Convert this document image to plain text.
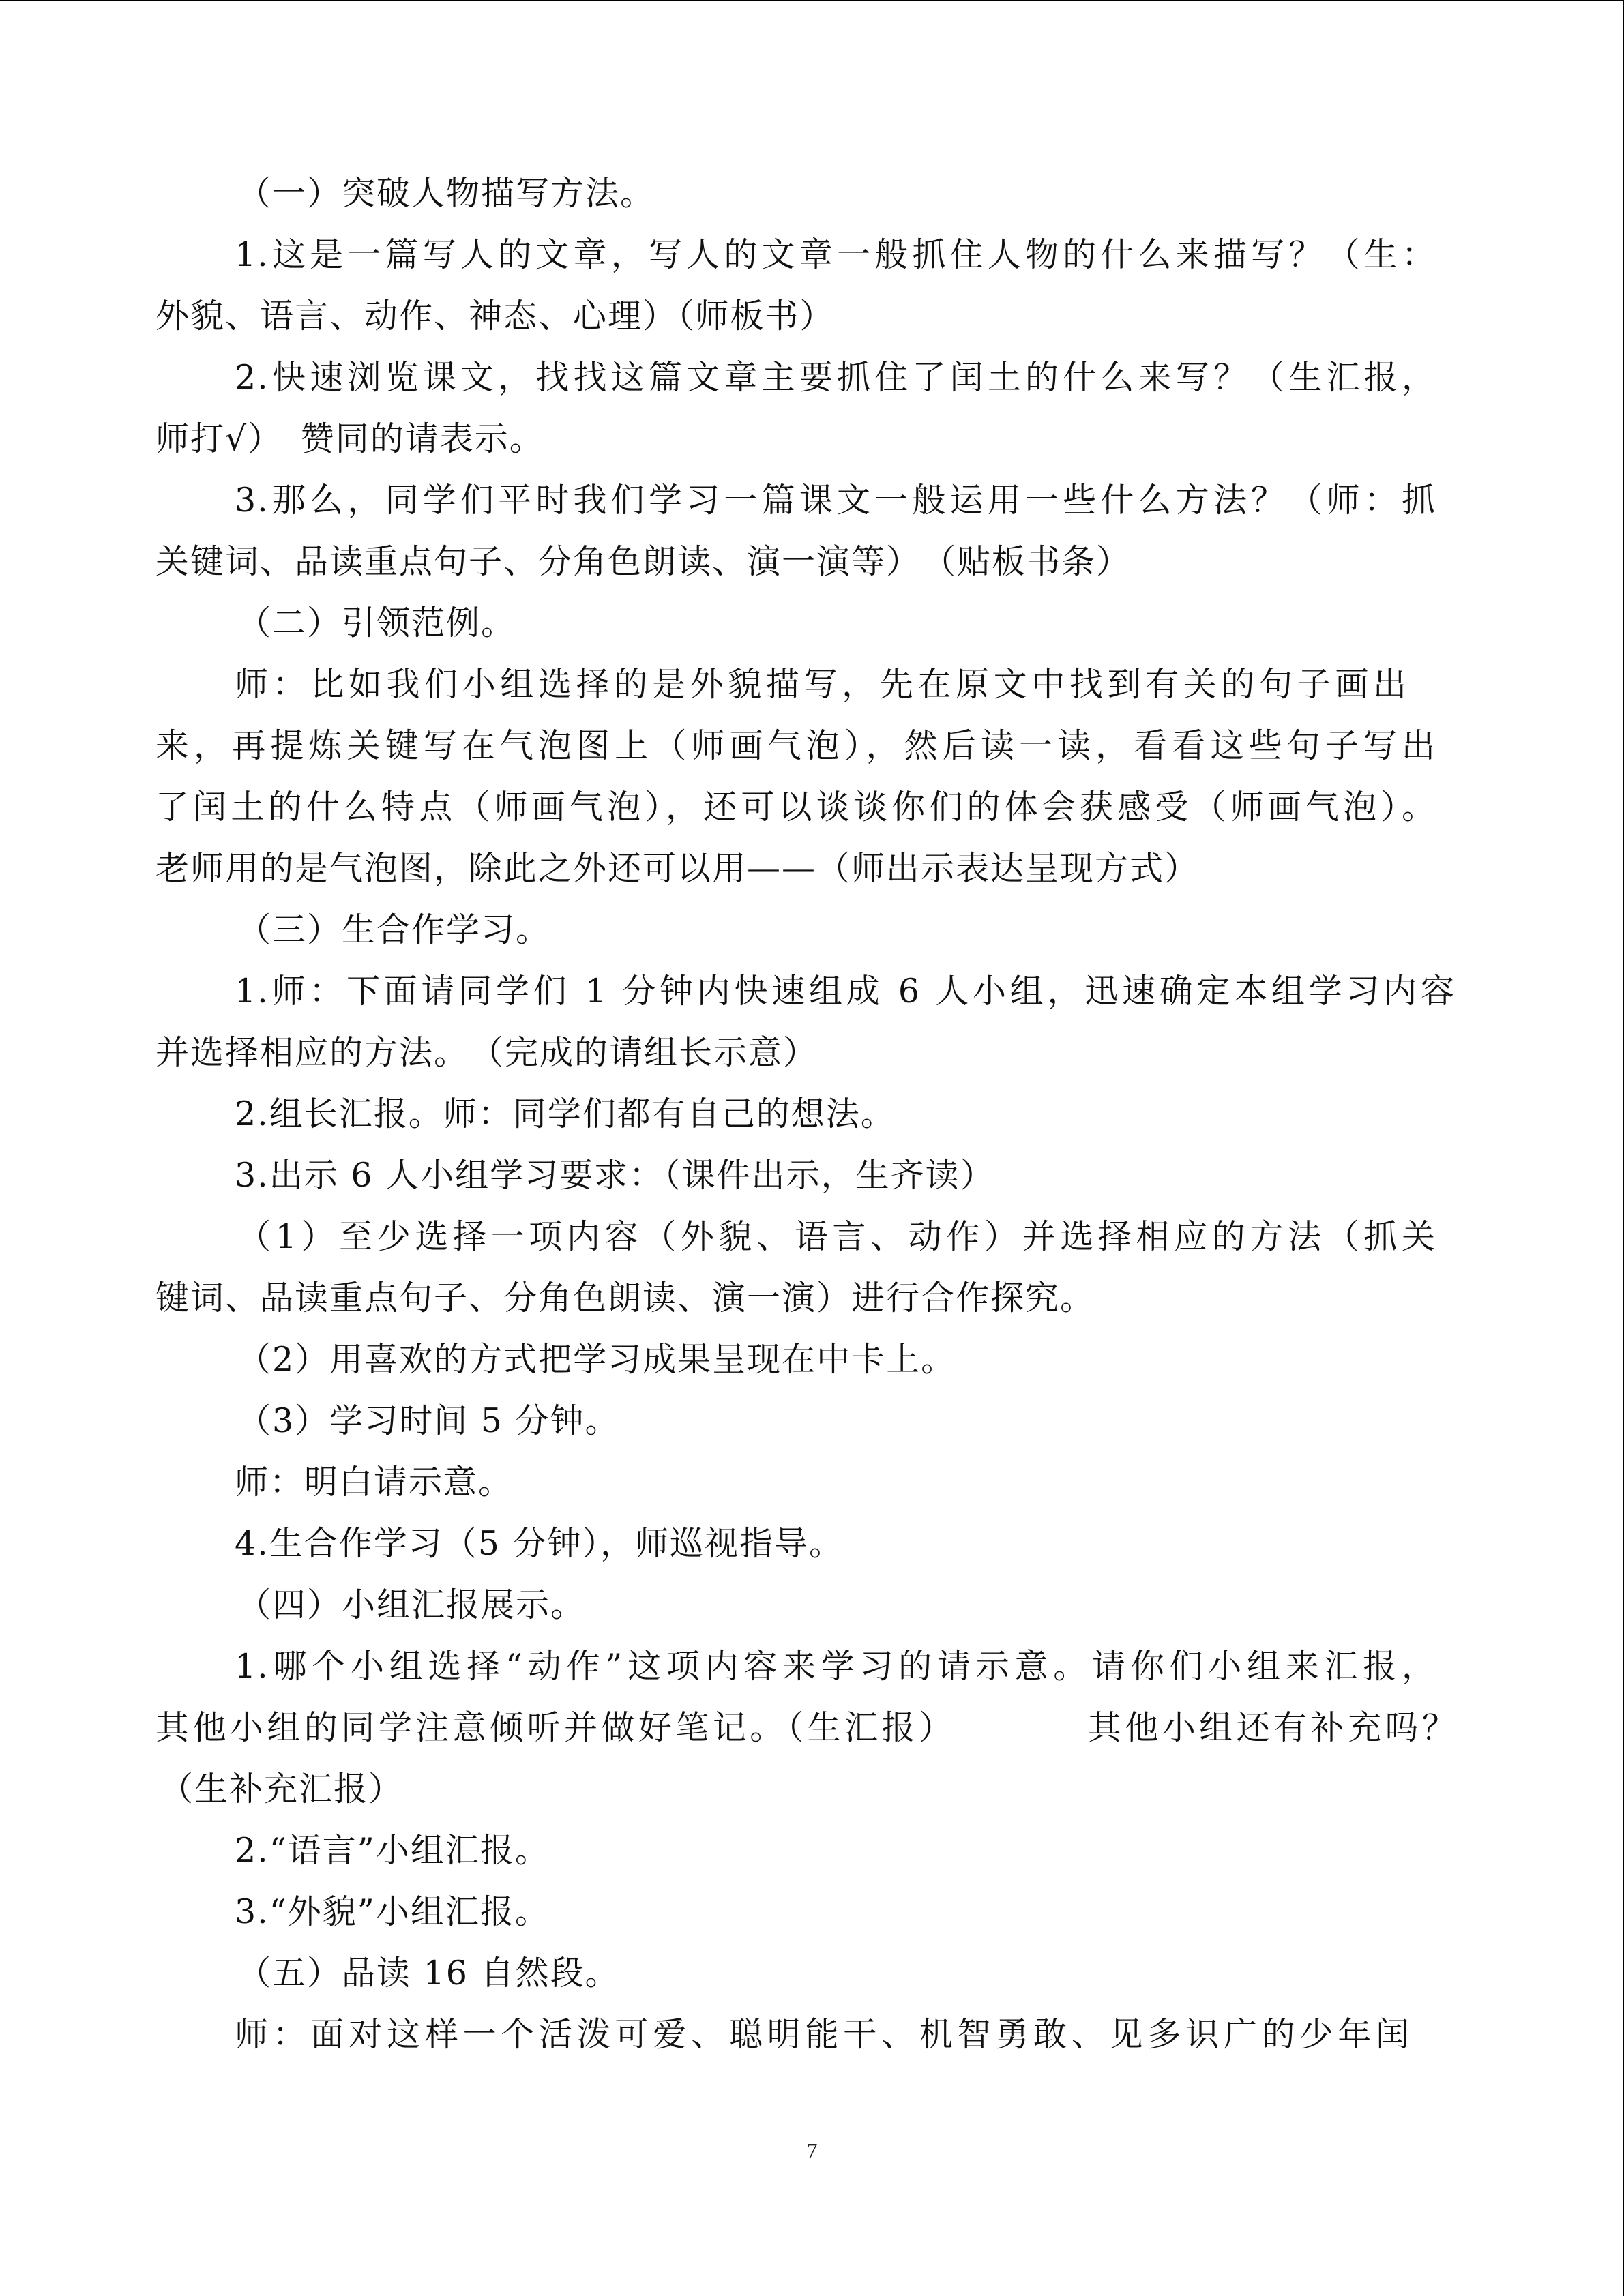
（一）突破人物描写方法。

1.这是一篇写人的文章，写人的文章一般抓住人物的什么来描写？（生：

外貌、语言、动作、神态、心理）（师板书）

2.快速浏览课文，找找这篇文章主要抓住了闰土的什么来写？（生汇报，

师打√）　赞同的请表示。

3.那么，同学们平时我们学习一篇课文一般运用一些什么方法？（师：抓

关键词、品读重点句子、分角色朗读、演一演等）　（贴板书条）

（二）引领范例。

师：比如我们小组选择的是外貌描写，先在原文中找到有关的句子画出

来，再提炼关键写在气泡图上（师画气泡），然后读一读，看看这些句子写出

了闰土的什么特点（师画气泡），还可以谈谈你们的体会获感受（师画气泡）。

老师用的是气泡图，除此之外还可以用——（师出示表达呈现方式）

（三）生合作学习。

1.师：下面请同学们 1 分钟内快速组成 6 人小组，迅速确定本组学习内容

并选择相应的方法。　（完成的请组长示意）

2.组长汇报。师：同学们都有自己的想法。

3.出示 6 人小组学习要求：（课件出示，生齐读）

（1）至少选择一项内容（外貌、语言、动作）并选择相应的方法（抓关

键词、品读重点句子、分角色朗读、演一演）进行合作探究。

（2）用喜欢的方式把学习成果呈现在中卡上。

（3）学习时间 5 分钟。

师：明白请示意。

4.生合作学习（5 分钟），师巡视指导。

（四）小组汇报展示。

1.哪个小组选择“动作”这项内容来学习的请示意。请你们小组来汇报，

其他小组的同学注意倾听并做好笔记。（生汇报）　　　　其他小组还有补充吗？

（生补充汇报）

2.“语言”小组汇报。

3.“外貌”小组汇报。

（五）品读 16 自然段。

师：面对这样一个活泼可爱、聪明能干、机智勇敢、见多识广的少年闰

7
